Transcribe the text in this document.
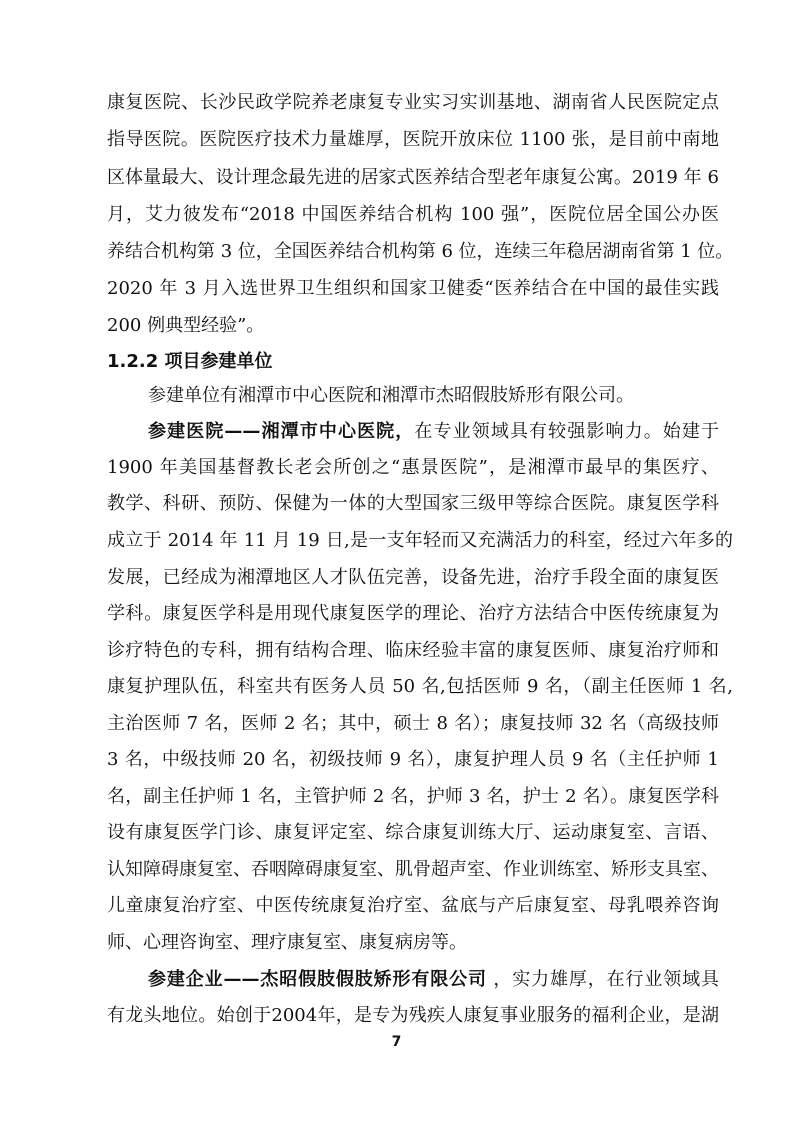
康复医院、长沙民政学院养老康复专业实习实训基地、湖南省人民医院定点
指导医院。医院医疗技术力量雄厚，医院开放床位 1100 张，是目前中南地
区体量最大、设计理念最先进的居家式医养结合型老年康复公寓。2019 年 6
月，艾力彼发布“2018 中国医养结合机构 100 强”，医院位居全国公办医
养结合机构第 3 位，全国医养结合机构第 6 位，连续三年稳居湖南省第 1 位。
2020 年 3 月入选世界卫生组织和国家卫健委“医养结合在中国的最佳实践
200 例典型经验”。
1.2.2 项目参建单位
参建单位有湘潭市中心医院和湘潭市杰昭假肢矫形有限公司。
参建医院——湘潭市中心医院，在专业领域具有较强影响力。始建于
1900 年美国基督教长老会所创之“惠景医院”，是湘潭市最早的集医疗、
教学、科研、预防、保健为一体的大型国家三级甲等综合医院。康复医学科
成立于 2014 年 11 月 19 日,是一支年轻而又充满活力的科室，经过六年多的
发展，已经成为湘潭地区人才队伍完善，设备先进，治疗手段全面的康复医
学科。康复医学科是用现代康复医学的理论、治疗方法结合中医传统康复为
诊疗特色的专科，拥有结构合理、临床经验丰富的康复医师、康复治疗师和
康复护理队伍，科室共有医务人员 50 名,包括医师 9 名，（副主任医师 1 名,
主治医师 7 名，医师 2 名；其中，硕士 8 名）；康复技师 32 名（高级技师
3 名，中级技师 20 名，初级技师 9 名），康复护理人员 9 名（主任护师 1
名，副主任护师 1 名，主管护师 2 名，护师 3 名，护士 2 名）。康复医学科
设有康复医学门诊、康复评定室、综合康复训练大厅、运动康复室、言语、
认知障碍康复室、吞咽障碍康复室、肌骨超声室、作业训练室、矫形支具室、
儿童康复治疗室、中医传统康复治疗室、盆底与产后康复室、母乳喂养咨询
师、心理咨询室、理疗康复室、康复病房等。
参建企业——杰昭假肢假肢矫形有限公司 ，实力雄厚，在行业领域具
有龙头地位。始创于2004年，是专为残疾人康复事业服务的福利企业，是湖
7
